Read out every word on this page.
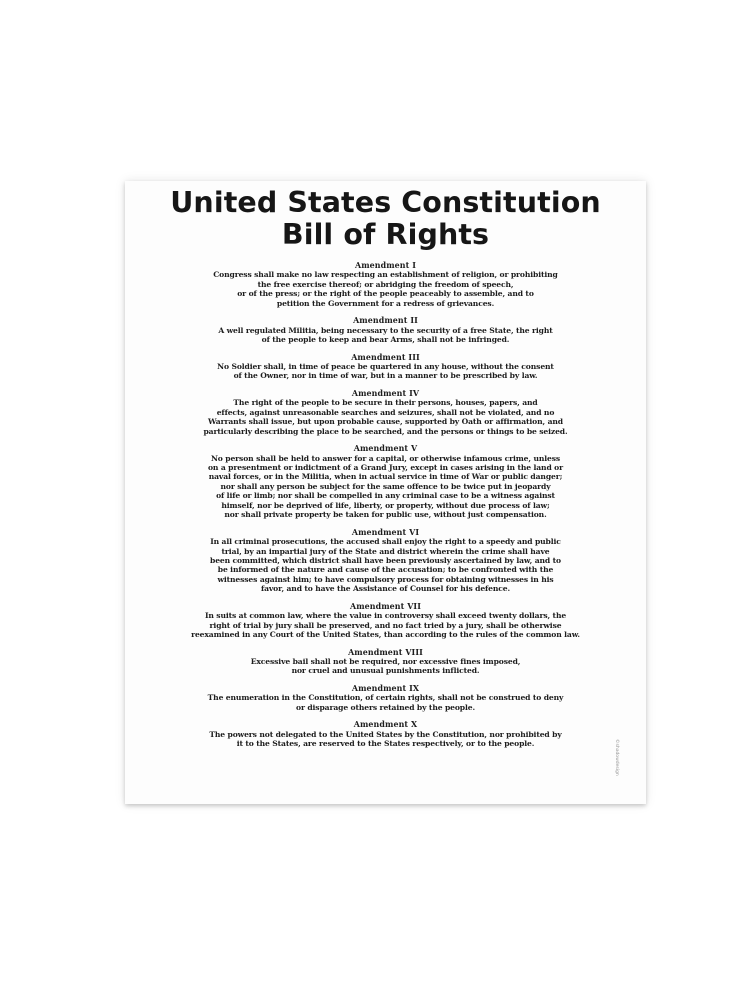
United States Constitution
Bill of Rights
Amendment I
Congress shall make no law respecting an establishment of religion, or prohibiting
the free exercise thereof; or abridging the freedom of speech,
or of the press; or the right of the people peaceably to assemble, and to
petition the Government for a redress of grievances.
Amendment II
A well regulated Militia, being necessary to the security of a free State, the right
of the people to keep and bear Arms, shall not be infringed.
Amendment III
No Soldier shall, in time of peace be quartered in any house, without the consent
of the Owner, nor in time of war, but in a manner to be prescribed by law.
Amendment IV
The right of the people to be secure in their persons, houses, papers, and
effects, against unreasonable searches and seizures, shall not be violated, and no
Warrants shall issue, but upon probable cause, supported by Oath or affirmation, and
particularly describing the place to be searched, and the persons or things to be seized.
Amendment V
No person shall be held to answer for a capital, or otherwise infamous crime, unless
on a presentment or indictment of a Grand Jury, except in cases arising in the land or
naval forces, or in the Militia, when in actual service in time of War or public danger;
nor shall any person be subject for the same offence to be twice put in jeopardy
of life or limb; nor shall be compelled in any criminal case to be a witness against
himself, nor be deprived of life, liberty, or property, without due process of law;
nor shall private property be taken for public use, without just compensation.
Amendment VI
In all criminal prosecutions, the accused shall enjoy the right to a speedy and public
trial, by an impartial jury of the State and district wherein the crime shall have
been committed, which district shall have been previously ascertained by law, and to
be informed of the nature and cause of the accusation; to be confronted with the
witnesses against him; to have compulsory process for obtaining witnesses in his
favor, and to have the Assistance of Counsel for his defence.
Amendment VII
In suits at common law, where the value in controversy shall exceed twenty dollars, the
right of trial by jury shall be preserved, and no fact tried by a jury, shall be otherwise
reexamined in any Court of the United States, than according to the rules of the common law.
Amendment VIII
Excessive bail shall not be required, nor excessive fines imposed,
nor cruel and unusual punishments inflicted.
Amendment IX
The enumeration in the Constitution, of certain rights, shall not be construed to deny
or disparage others retained by the people.
Amendment X
The powers not delegated to the United States by the Constitution, nor prohibited by
it to the States, are reserved to the States respectively, or to the people.	©shadowdesign
